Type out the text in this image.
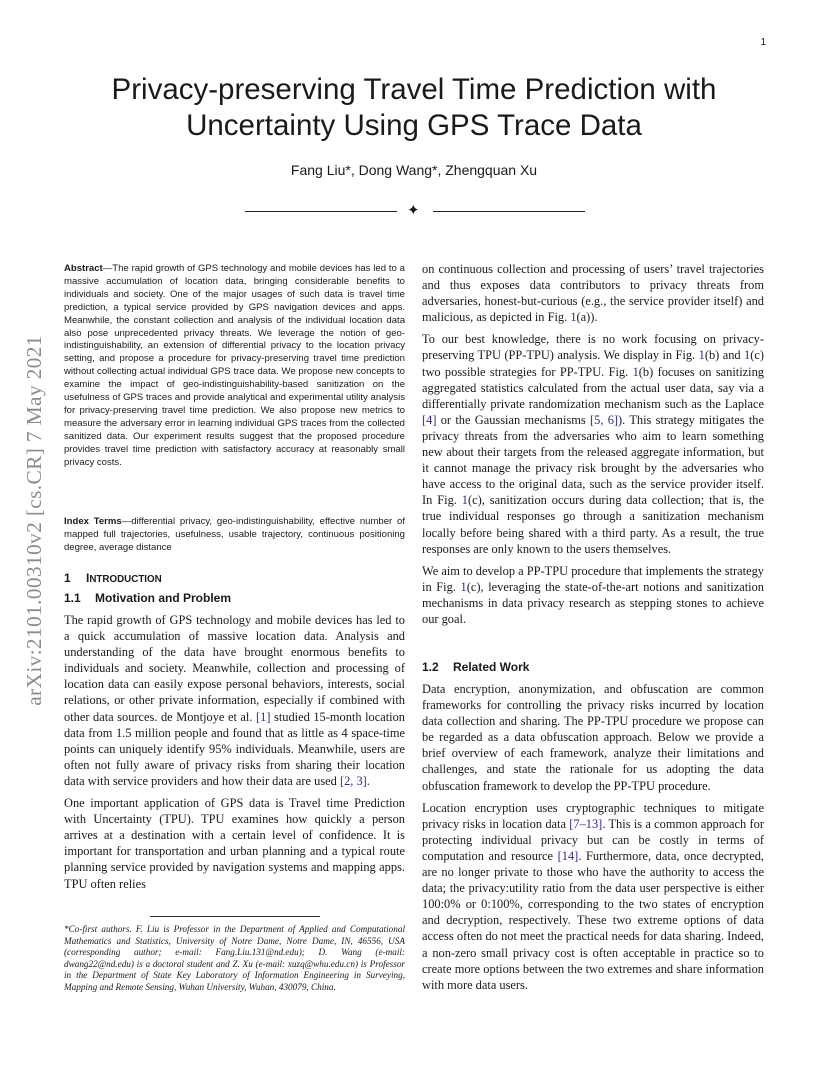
1
Privacy-preserving Travel Time Prediction with Uncertainty Using GPS Trace Data
Fang Liu*, Dong Wang*, Zhengquan Xu
✦
arXiv:2101.00310v2 [cs.CR] 7 May 2021

Abstract—The rapid growth of GPS technology and mobile devices has led to a massive accumulation of location data, bringing considerable benefits to individuals and society. One of the major usages of such data is travel time prediction, a typical service provided by GPS navigation devices and apps. Meanwhile, the constant collection and analysis of the individual location data also pose unprecedented privacy threats. We leverage the notion of geo-indistinguishability, an extension of differential privacy to the location privacy setting, and propose a procedure for privacy-preserving travel time prediction without collecting actual individual GPS trace data. We propose new concepts to examine the impact of geo-indistinguishability-based sanitization on the usefulness of GPS traces and provide analytical and experimental utility analysis for privacy-preserving travel time prediction. We also propose new metrics to measure the adversary error in learning individual GPS traces from the collected sanitized data. Our experiment results suggest that the proposed procedure provides travel time prediction with satisfactory accuracy at reasonably small privacy costs.

Index Terms—differential privacy, geo-indistinguishability, effective number of mapped full trajectories, usefulness, usable trajectory, continuous positioning degree, average distance

1 INTRODUCTION

1.1 Motivation and Problem

The rapid growth of GPS technology and mobile devices has led to a quick accumulation of massive location data. Analysis and understanding of the data have brought enormous benefits to individuals and society. Meanwhile, collection and processing of location data can easily expose personal behaviors, interests, social relations, or other private information, especially if combined with other data sources. de Montjoye et al. [1] studied 15-month location data from 1.5 million people and found that as little as 4 space-time points can uniquely identify 95% individuals. Meanwhile, users are often not fully aware of privacy risks from sharing their location data with service providers and how their data are used [2, 3].

One important application of GPS data is Travel time Prediction with Uncertainty (TPU). TPU examines how quickly a person arrives at a destination with a certain level of confidence. It is important for transportation and urban planning and a typical route planning service provided by navigation systems and mapping apps. TPU often relies

*Co-first authors. F. Liu is Professor in the Department of Applied and Computational Mathematics and Statistics, University of Notre Dame, Notre Dame, IN, 46556, USA (corresponding author; e-mail: Fang.Liu.131@nd.edu); D. Wang (e-mail: dwang22@nd.edu) is a doctoral student and Z. Xu (e-mail: xuzq@whu.edu.cn) is Professor in the Department of State Key Laboratory of Information Engineering in Surveying, Mapping and Remote Sensing, Wuhan University, Wuhan, 430079, China.

on continuous collection and processing of users’ travel trajectories and thus exposes data contributors to privacy threats from adversaries, honest-but-curious (e.g., the service provider itself) and malicious, as depicted in Fig. 1(a)).

To our best knowledge, there is no work focusing on privacy-preserving TPU (PP-TPU) analysis. We display in Fig. 1(b) and 1(c) two possible strategies for PP-TPU. Fig. 1(b) focuses on sanitizing aggregated statistics calculated from the actual user data, say via a differentially private randomization mechanism such as the Laplace [4] or the Gaussian mechanisms [5, 6]). This strategy mitigates the privacy threats from the adversaries who aim to learn something new about their targets from the released aggregate information, but it cannot manage the privacy risk brought by the adversaries who have access to the original data, such as the service provider itself. In Fig. 1(c), sanitization occurs during data collection; that is, the true individual responses go through a sanitization mechanism locally before being shared with a third party. As a result, the true responses are only known to the users themselves.

We aim to develop a PP-TPU procedure that implements the strategy in Fig. 1(c), leveraging the state-of-the-art notions and sanitization mechanisms in data privacy research as stepping stones to achieve our goal.

1.2 Related Work

Data encryption, anonymization, and obfuscation are common frameworks for controlling the privacy risks incurred by location data collection and sharing. The PP-TPU procedure we propose can be regarded as a data obfuscation approach. Below we provide a brief overview of each framework, analyze their limitations and challenges, and state the rationale for us adopting the data obfuscation framework to develop the PP-TPU procedure.

Location encryption uses cryptographic techniques to mitigate privacy risks in location data [7–13]. This is a common approach for protecting individual privacy but can be costly in terms of computation and resource [14]. Furthermore, data, once decrypted, are no longer private to those who have the authority to access the data; the privacy:utility ratio from the data user perspective is either 100:0% or 0:100%, corresponding to the two states of encryption and decryption, respectively. These two extreme options of data access often do not meet the practical needs for data sharing. Indeed, a non-zero small privacy cost is often acceptable in practice so to create more options between the two extremes and share information with more data users.
